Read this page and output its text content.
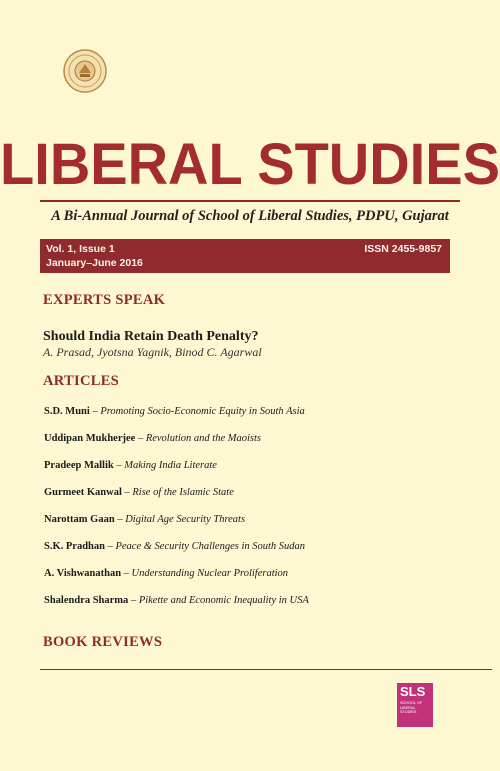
LIBERAL STUDIES
A Bi-Annual Journal of School of Liberal Studies, PDPU, Gujarat
Vol. 1, Issue 1
January–June 2016
ISSN 2455-9857
EXPERTS SPEAK
Should India Retain Death Penalty?
A. Prasad, Jyotsna Yagnik, Binod C. Agarwal
ARTICLES
S.D. Muni – Promoting Socio-Economic Equity in South Asia
Uddipan Mukherjee – Revolution and the Maoists
Pradeep Mallik – Making India Literate
Gurmeet Kanwal – Rise of the Islamic State
Narottam Gaan – Digital Age Security Threats
S.K. Pradhan – Peace & Security Challenges in South Sudan
A. Vishwanathan – Understanding Nuclear Proliferation
Shalendra Sharma – Pikette and Economic Inequality in USA
BOOK REVIEWS
SLS
SCHOOL OF
LIBERAL
STUDIES
